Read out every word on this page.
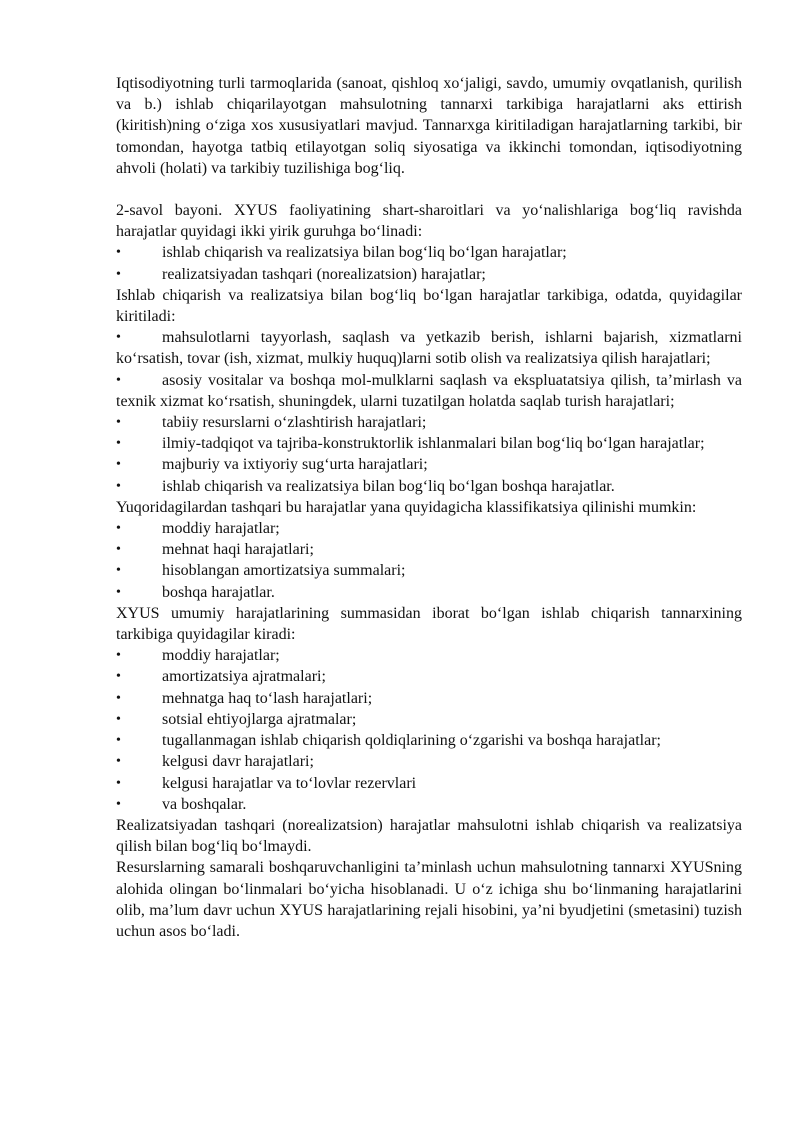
Iqtisodiyotning turli tarmoqlarida (sanoat, qishloq xo‘jaligi, savdo, umumiy ovqatlanish, qurilish va b.) ishlab chiqarilayotgan mahsulotning tannarxi tarkibiga harajatlarni aks ettirish (kiritish)ning o‘ziga xos xususiyatlari mavjud. Tannarxga kiritiladigan harajatlarning tarkibi, bir tomondan, hayotga tatbiq etilayotgan soliq siyosatiga va ikkinchi tomondan, iqtisodiyotning ahvoli (holati) va tarkibiy tuzilishiga bog‘liq.

2-savol bayoni. XYUS faoliyatining shart-sharoitlari va yo‘nalishlariga bog‘liq ravishda harajatlar quyidagi ikki yirik guruhga bo‘linadi:

•	ishlab chiqarish va realizatsiya bilan bog‘liq bo‘lgan harajatlar;

•	realizatsiyadan tashqari (norealizatsion) harajatlar;

Ishlab chiqarish va realizatsiya bilan bog‘liq bo‘lgan harajatlar tarkibiga, odatda, quyidagilar kiritiladi:

•	mahsulotlarni tayyorlash, saqlash va yetkazib berish, ishlarni bajarish, xizmatlarni ko‘rsatish, tovar (ish, xizmat, mulkiy huquq)larni sotib olish va realizatsiya qilish harajatlari;

•	asosiy vositalar va boshqa mol-mulklarni saqlash va ekspluatatsiya qilish, ta’mirlash va texnik xizmat ko‘rsatish, shuningdek, ularni tuzatilgan holatda saqlab turish harajatlari;

•	tabiiy resurslarni o‘zlashtirish harajatlari;

•	ilmiy-tadqiqot va tajriba-konstruktorlik ishlanmalari bilan bog‘liq bo‘lgan harajatlar;

•	majburiy va ixtiyoriy sug‘urta harajatlari;

•	ishlab chiqarish va realizatsiya bilan bog‘liq bo‘lgan boshqa harajatlar.

Yuqoridagilardan tashqari bu harajatlar yana quyidagicha klassifikatsiya qilinishi mumkin:

•	moddiy harajatlar;

•	mehnat haqi harajatlari;

•	hisoblangan amortizatsiya summalari;

•	boshqa harajatlar.

XYUS umumiy harajatlarining summasidan iborat bo‘lgan ishlab chiqarish tannarxining tarkibiga quyidagilar kiradi:

•	moddiy harajatlar;

•	amortizatsiya ajratmalari;

•	mehnatga haq to‘lash harajatlari;

•	sotsial ehtiyojlarga ajratmalar;

•	tugallanmagan ishlab chiqarish qoldiqlarining o‘zgarishi va boshqa harajatlar;

•	kelgusi davr harajatlari;

•	kelgusi harajatlar va to‘lovlar rezervlari

•	va boshqalar.

Realizatsiyadan tashqari (norealizatsion) harajatlar mahsulotni ishlab chiqarish va realizatsiya qilish bilan bog‘liq bo‘lmaydi.

Resurslarning samarali boshqaruvchanligini ta’minlash uchun mahsulotning tannarxi XYUSning alohida olingan bo‘linmalari bo‘yicha hisoblanadi. U o‘z ichiga shu bo‘linmaning harajatlarini olib, ma’lum davr uchun XYUS harajatlarining rejali hisobini, ya’ni byudjetini (smetasini) tuzish uchun asos bo‘ladi.
